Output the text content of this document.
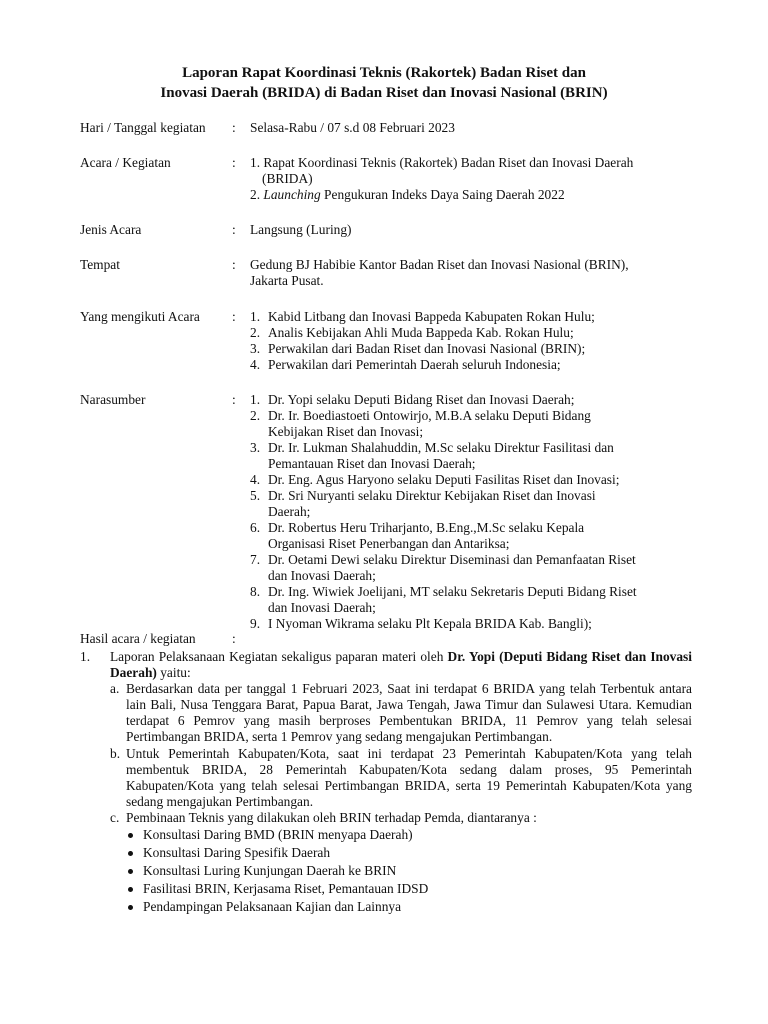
Laporan Rapat Koordinasi Teknis (Rakortek) Badan Riset dan
Inovasi Daerah (BRIDA) di Badan Riset dan Inovasi Nasional (BRIN)
Hari / Tanggal kegiatan	:	Selasa-Rabu / 07 s.d 08 Februari 2023
Acara / Kegiatan	:	1. Rapat Koordinasi Teknis (Rakortek) Badan Riset dan Inovasi Daerah
(BRIDA)
2. Launching Pengukuran Indeks Daya Saing Daerah 2022
Jenis Acara	:	Langsung (Luring)
Tempat	:	Gedung BJ Habibie Kantor Badan Riset dan Inovasi Nasional (BRIN),
Jakarta Pusat.
Yang mengikuti Acara	:	1. Kabid Litbang dan Inovasi Bappeda Kabupaten Rokan Hulu;
2. Analis Kebijakan Ahli Muda Bappeda Kab. Rokan Hulu;
3. Perwakilan dari Badan Riset dan Inovasi Nasional (BRIN);
4. Perwakilan dari Pemerintah Daerah seluruh Indonesia;
Narasumber	:	1. Dr. Yopi selaku Deputi Bidang Riset dan Inovasi Daerah;
2. Dr. Ir. Boediastoeti Ontowirjo, M.B.A selaku Deputi Bidang
Kebijakan Riset dan Inovasi;
3. Dr. Ir. Lukman Shalahuddin, M.Sc selaku Direktur Fasilitasi dan
Pemantauan Riset dan Inovasi Daerah;
4. Dr. Eng. Agus Haryono selaku Deputi Fasilitas Riset dan Inovasi;
5. Dr. Sri Nuryanti selaku Direktur Kebijakan Riset dan Inovasi
Daerah;
6. Dr. Robertus Heru Triharjanto, B.Eng.,M.Sc selaku Kepala
Organisasi Riset Penerbangan dan Antariksa;
7. Dr. Oetami Dewi selaku Direktur Diseminasi dan Pemanfaatan Riset
dan Inovasi Daerah;
8. Dr. Ing. Wiwiek Joelijani, MT selaku Sekretaris Deputi Bidang Riset
dan Inovasi Daerah;
9. I Nyoman Wikrama selaku Plt Kepala BRIDA Kab. Bangli);
Hasil acara / kegiatan	:
1. Laporan Pelaksanaan Kegiatan sekaligus paparan materi oleh Dr. Yopi (Deputi Bidang Riset dan Inovasi Daerah) yaitu:
a. Berdasarkan data per tanggal 1 Februari 2023, Saat ini terdapat 6 BRIDA yang telah Terbentuk antara lain Bali, Nusa Tenggara Barat, Papua Barat, Jawa Tengah, Jawa Timur dan Sulawesi Utara. Kemudian terdapat 6 Pemrov yang masih berproses Pembentukan BRIDA, 11 Pemrov yang telah selesai Pertimbangan BRIDA, serta 1 Pemrov yang sedang mengajukan Pertimbangan.
b. Untuk Pemerintah Kabupaten/Kota, saat ini terdapat 23 Pemerintah Kabupaten/Kota yang telah membentuk BRIDA, 28 Pemerintah Kabupaten/Kota sedang dalam proses, 95 Pemerintah Kabupaten/Kota yang telah selesai Pertimbangan BRIDA, serta 19 Pemerintah Kabupaten/Kota yang sedang mengajukan Pertimbangan.
c. Pembinaan Teknis yang dilakukan oleh BRIN terhadap Pemda, diantaranya :
Konsultasi Daring BMD (BRIN menyapa Daerah)
Konsultasi Daring Spesifik Daerah
Konsultasi Luring Kunjungan Daerah ke BRIN
Fasilitasi BRIN, Kerjasama Riset, Pemantauan IDSD
Pendampingan Pelaksanaan Kajian dan Lainnya
